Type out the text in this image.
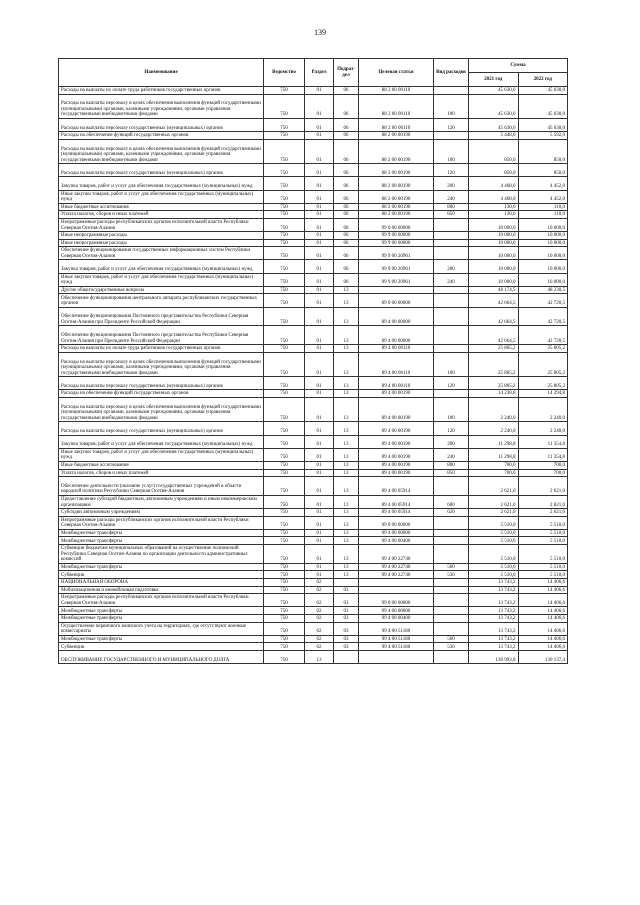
139
Наименование	Ведомство	Раздел	Подраз-дел	Целевая статья	Вид расходов	Сумма	
						2021 год	2022 год
Расходы на выплаты по оплате труда работников государственных органов	750	01	06	88 2 00 00110		45 630,0	45 630,0
Расходы на выплаты персоналу в целях обеспечения выполнения функций государственными (муниципальными) органами, казенными учреждениями, органами управления государственными внебюджетными фондами	750	01	06	88 2 00 00110	100	45 630,0	45 630,0
Расходы на выплаты персоналу государственных (муниципальных) органов	750	01	06	88 2 00 00110	120	45 630,0	45 630,0
Расходы на обеспечение функций государственных органов	750	01	06	88 2 00 00190		5 448,0	5 592,0
Расходы на выплаты персоналу в целях обеспечения выполнения функций государственными (муниципальными) органами, казенными учреждениями, органами управления государственными внебюджетными фондами	750	01	06	88 2 00 00190	100	850,0	850,0
Расходы на выплаты персоналу государственных (муниципальных) органов	750	01	06	88 2 00 00190	120	850,0	850,0
Закупка товаров, работ и услуг для обеспечения государственных (муниципальных) нужд	750	01	06	88 2 00 00190	200	4 468,0	4 452,0
Иные закупки товаров, работ и услуг для обеспечения государственных (муниципальных) нужд	750	01	06	88 2 00 00190	240	4 468,0	4 452,0
Иные бюджетные ассигнования	750	01	06	88 2 00 00190	800	130,0	110,0
Уплата налогов, сборов и иных платежей	750	01	06	88 2 00 00190	850	130,0	110,0
Непрограммные расходы республиканских органов исполнительной власти Республики Северная Осетия-Алания	750	01	06	99 0 00 00000		10 000,0	10 000,0
Иные непрограммные расходы	750	01	06	99 9 00 00000		10 000,0	10 000,0
Иные непрограммные расходы	750	01	06	99 9 00 00000		10 000,0	10 000,0
Обеспечение функционирования государственных информационных систем Республики Северная Осетия-Алания	750	01	06	99 9 00 20961		10 000,0	10 000,0
Закупка товаров, работ и услуг для обеспечения государственных (муниципальных) нужд	750	01	06	99 9 00 20961	200	10 000,0	10 000,0
Иные закупки товаров, работ и услуг для обеспечения государственных (муниципальных) нужд	750	01	06	99 9 00 20961	240	10 000,0	10 000,0
Другие общегосударственные вопросы	750	01	13			48 174,5	48 230,5
Обеспечение функционирования центрального аппарата республиканских государственных органов	750	01	13	89 0 00 00000		42 664,5	42 720,5
Обеспечение функционирования Постоянного представительства Республики Северная Осетия-Алания при Президенте Российской Федерации	750	01	13	89 4 00 00000		42 664,5	42 720,5
Обеспечение функционирования Постоянного представительства Республики Северная Осетия-Алания при Президенте Российской Федерации	750	01	13	89 4 00 00000		42 664,5	42 720,5
Расходы на выплаты по оплате труда работников государственных органов	750	01	13	89 4 00 00110		25 805,2	25 805,2
Расходы на выплаты персоналу в целях обеспечения выполнения функций государственными (муниципальными) органами, казенными учреждениями, органами управления государственными внебюджетными фондами	750	01	13	89 4 00 00110	100	25 805,2	25 805,2
Расходы на выплаты персоналу государственных (муниципальных) органов	750	01	13	89 4 00 00110	120	25 805,2	25 805,2
Расходы на обеспечение функций государственных органов	750	01	13	89 4 00 00190		14 238,8	14 294,8
Расходы на выплаты персоналу в целях обеспечения выполнения функций государственными (муниципальными) органами, казенными учреждениями, органами управления государственными внебюджетными фондами	750	01	13	89 4 00 00190	100	2 240,0	2 240,0
Расходы на выплаты персоналу государственных (муниципальных) органов	750	01	13	89 4 00 00190	120	2 240,0	2 240,0
Закупка товаров, работ и услуг для обеспечения государственных (муниципальных) нужд	750	01	13	89 4 00 00190	200	11 298,8	11 354,8
Иные закупки товаров, работ и услуг для обеспечения государственных (муниципальных) нужд	750	01	13	89 4 00 00190	240	11 298,8	11 354,8
Иные бюджетные ассигнования	750	01	13	89 4 00 00190	800	700,0	700,0
Уплата налогов, сборов и иных платежей	750	01	13	89 4 00 00190	850	700,0	700,0
Обеспечение деятельности (оказание услуг) государственных учреждений в области народной политики Республики Северная Осетия-Алания	750	01	13	89 4 00 05914		2 621,0	2 621,0
Предоставление субсидий бюджетным, автономным учреждениям и иным некоммерческим организациям	750	01	13	89 4 00 05914	600	2 621,0	2 621,0
Субсидии автономным учреждениям	750	01	13	89 4 00 05914	620	2 621,0	2 621,0
Непрограммные расходы республиканских органов исполнительной власти Республики Северная Осетия-Алания	750	01	13	99 0 00 00000		5 510,0	5 510,0
Межбюджетные трансферты	750	01	13	99 4 00 00000		5 510,0	5 510,0
Межбюджетные трансферты	750	01	13	99 4 00 00400		5 510,0	5 510,0
Субвенции бюджетам муниципальных образований на осуществление полномочий Республики Северная Осетия-Алания по организации деятельности административных комиссий	750	01	13	99 4 00 22740		5 510,0	5 510,0
Межбюджетные трансферты	750	01	13	99 4 00 22740	500	5 510,0	5 510,0
Субвенции	750	01	13	99 4 00 22740	530	5 510,0	5 510,0
НАЦИОНАЛЬНАЯ ОБОРОНА	750	02				13 743,2	14 406,6
Мобилизационная и вневойсковая подготовка	750	02	03			13 743,2	14 406,6
Непрограммные расходы республиканских органов исполнительной власти Республики Северная Осетия-Алания	750	02	03	99 0 00 00000		13 743,2	14 406,6
Межбюджетные трансферты	750	02	03	99 4 00 00000		13 743,2	14 406,6
Межбюджетные трансферты	750	02	03	99 4 00 00400		13 743,2	14 406,6
Осуществление первичного воинского учета на территориях, где отсутствуют военные комиссариаты	750	02	03	99 4 00 51180		13 743,2	14 406,6
Межбюджетные трансферты	750	02	03	99 4 00 51180	500	13 743,2	14 406,6
Субвенции	750	02	03	99 4 00 51180	530	13 743,2	14 406,6
ОБСЛУЖИВАНИЕ ГОСУДАРСТВЕННОГО И МУНИЦИПАЛЬНОГО ДОЛГА	750	13				130 993,8	130 137,4
